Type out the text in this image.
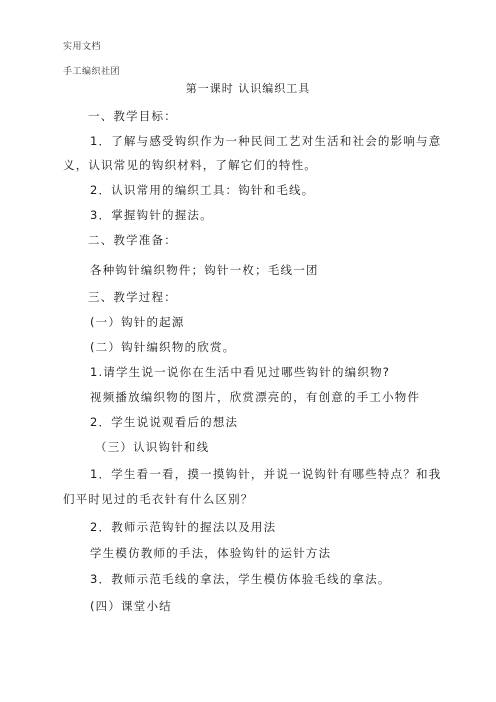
实用文档
手工编织社团
第一课时 认识编织工具
一、教学目标：
1．了解与感受钩织作为一种民间工艺对生活和社会的影响与意
义，认识常见的钩织材料，了解它们的特性。
2．认识常用的编织工具：钩针和毛线。
3．掌握钩针的握法。
二、教学准备：
各种钩针编织物件；钩针一枚；毛线一团
三、教学过程：
(一）钩针的起源
(二）钩针编织物的欣赏。
1.请学生说一说你在生活中看见过哪些钩针的编织物?
视频播放编织物的图片，欣赏漂亮的，有创意的手工小物件
2．学生说说观看后的想法
（三）认识钩针和线
1．学生看一看，摸一摸钩针，并说一说钩针有哪些特点？和我
们平时见过的毛衣针有什么区别？
2．教师示范钩针的握法以及用法
学生模仿教师的手法，体验钩针的运针方法
3．教师示范毛线的拿法，学生模仿体验毛线的拿法。
(四）课堂小结
